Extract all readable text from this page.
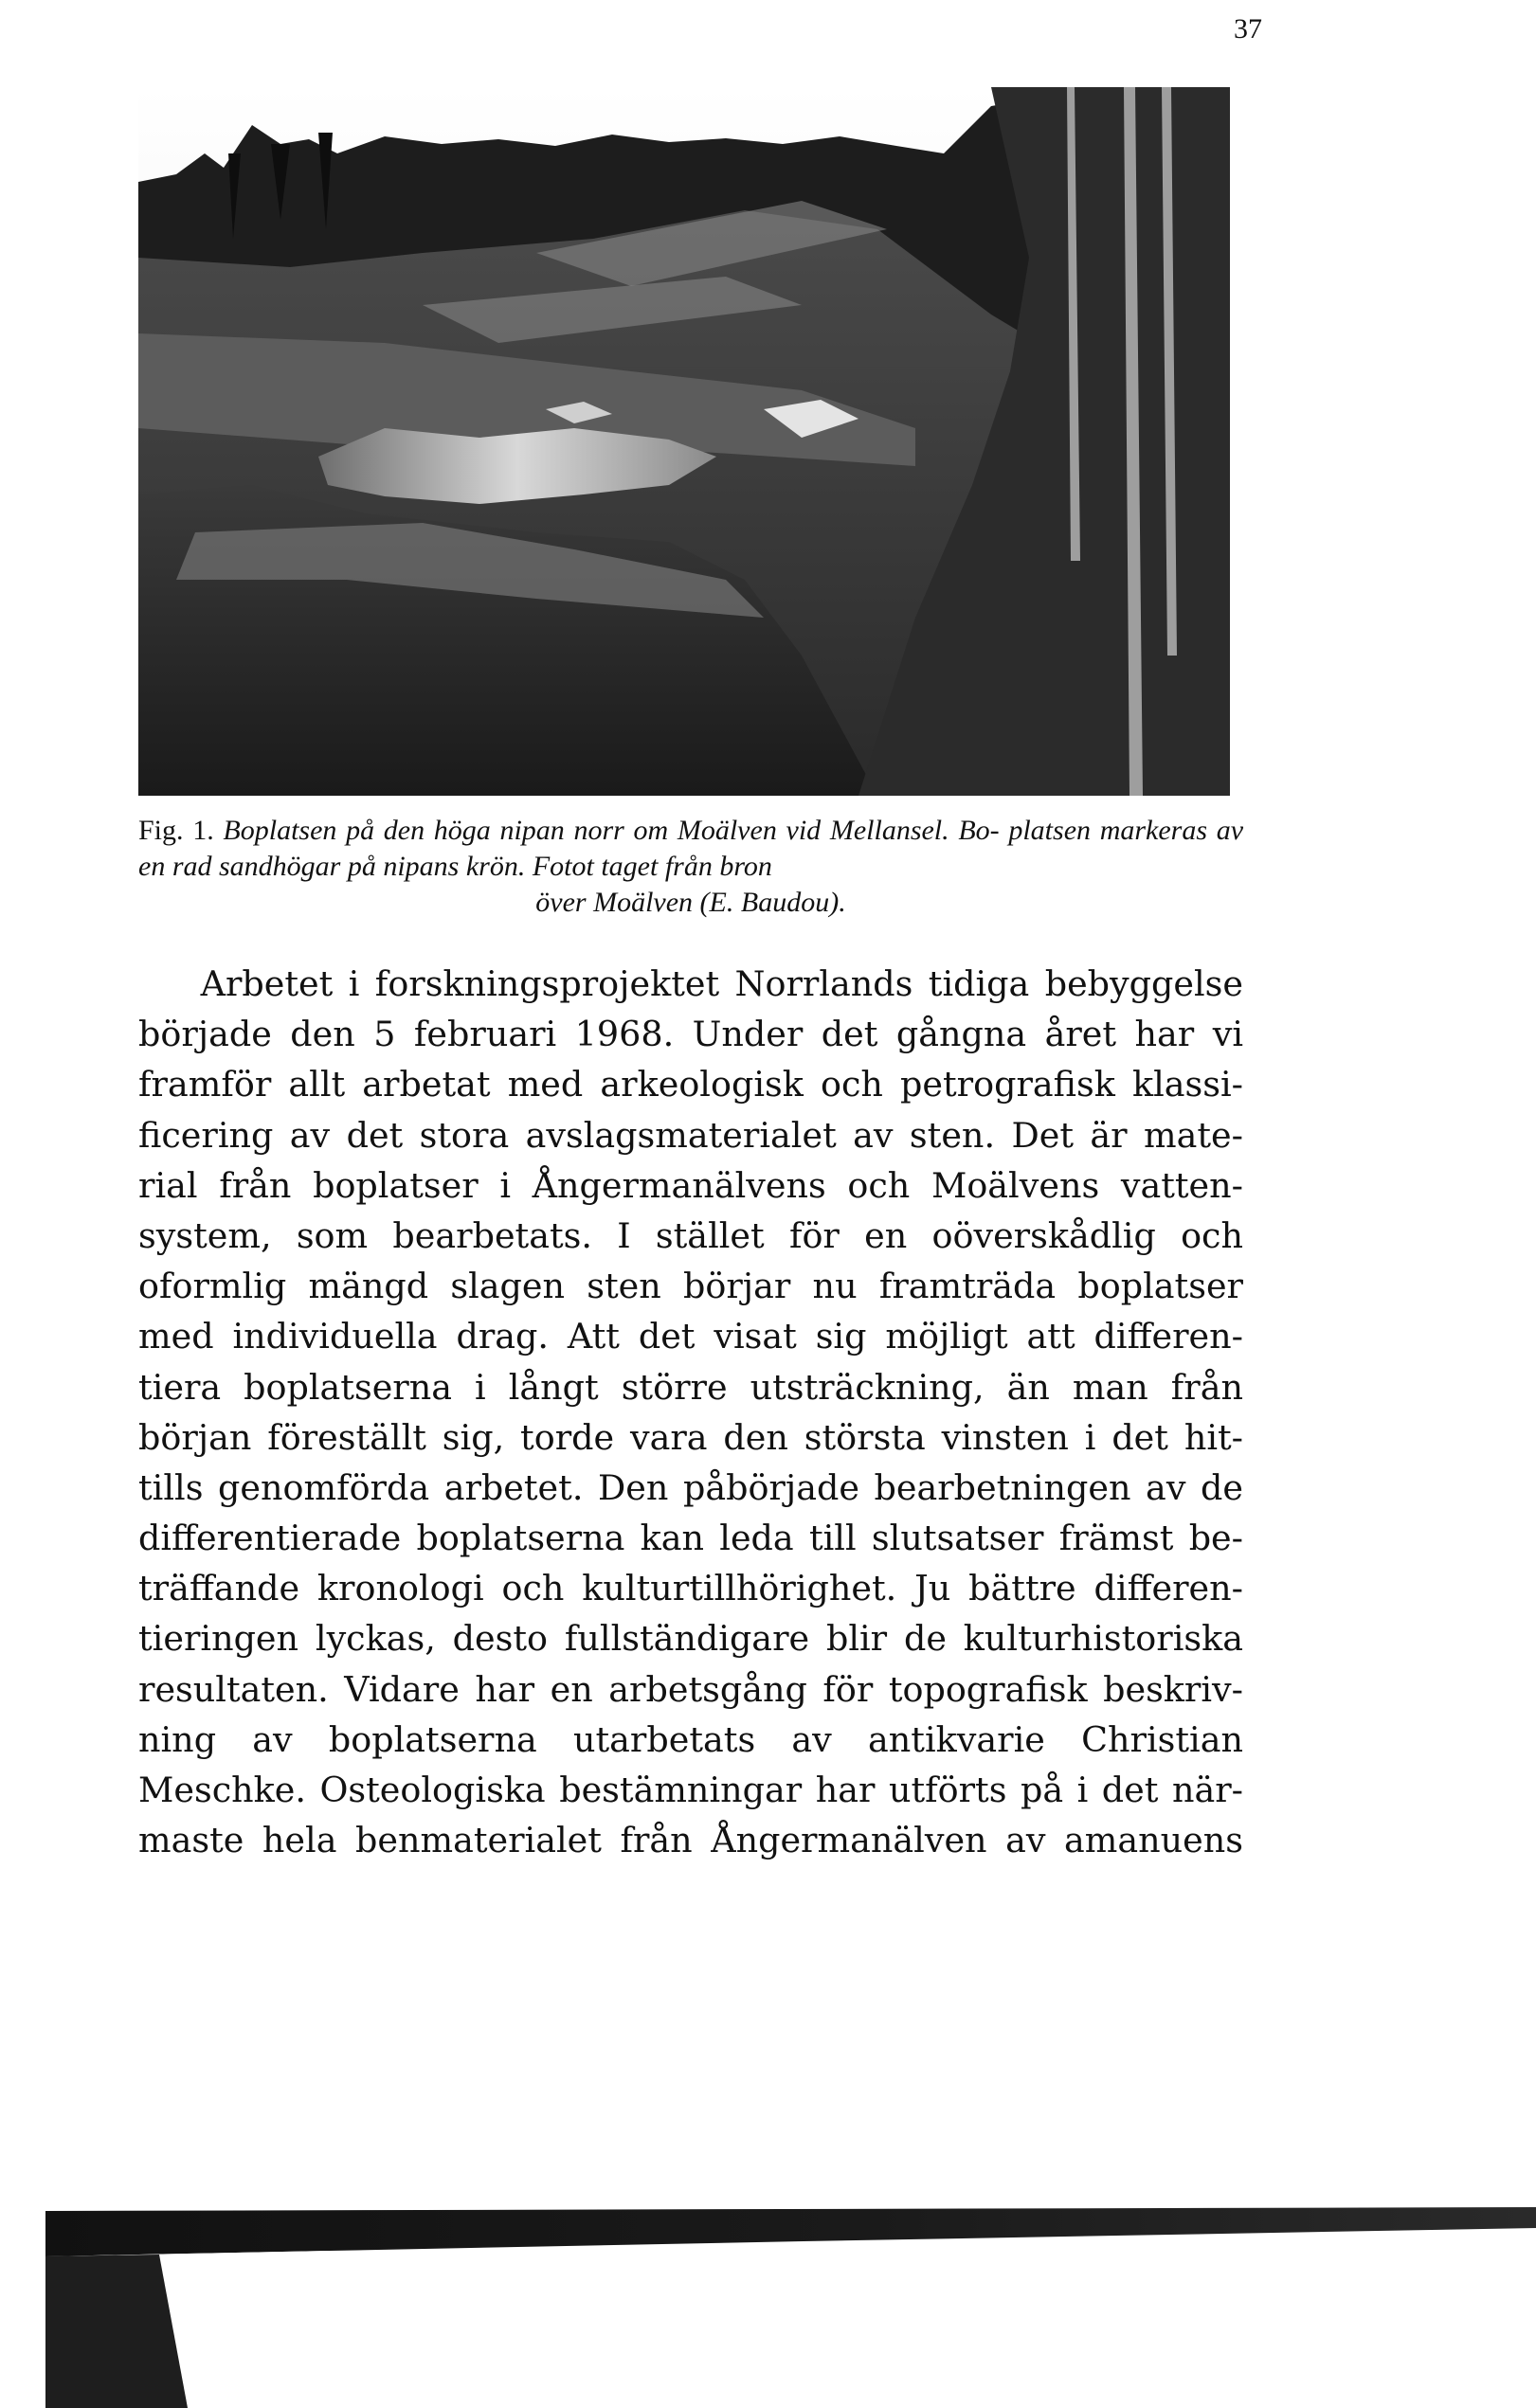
37
Fig. 1. Boplatsen på den höga nipan norr om Moälven vid Mellansel. Bo- platsen markeras av en rad sandhögar på nipans krön. Fotot taget från bron
över Moälven (E. Baudou).
Arbetet i forskningsprojektet Norrlands tidiga bebyggelse
började den 5 februari 1968. Under det gångna året har vi
framför allt arbetat med arkeologisk och petrografisk klassi-
ficering av det stora avslagsmaterialet av sten. Det är mate-
rial från boplatser i Ångermanälvens och Moälvens vatten-
system, som bearbetats. I stället för en oöverskådlig och
oformlig mängd slagen sten börjar nu framträda boplatser
med individuella drag. Att det visat sig möjligt att differen-
tiera boplatserna i långt större utsträckning, än man från
början föreställt sig, torde vara den största vinsten i det hit-
tills genomförda arbetet. Den påbörjade bearbetningen av de
differentierade boplatserna kan leda till slutsatser främst be-
träffande kronologi och kulturtillhörighet. Ju bättre differen-
tieringen lyckas, desto fullständigare blir de kulturhistoriska
resultaten. Vidare har en arbetsgång för topografisk beskriv-
ning av boplatserna utarbetats av antikvarie Christian
Meschke. Osteologiska bestämningar har utförts på i det när-
maste hela benmaterialet från Ångermanälven av amanuens
